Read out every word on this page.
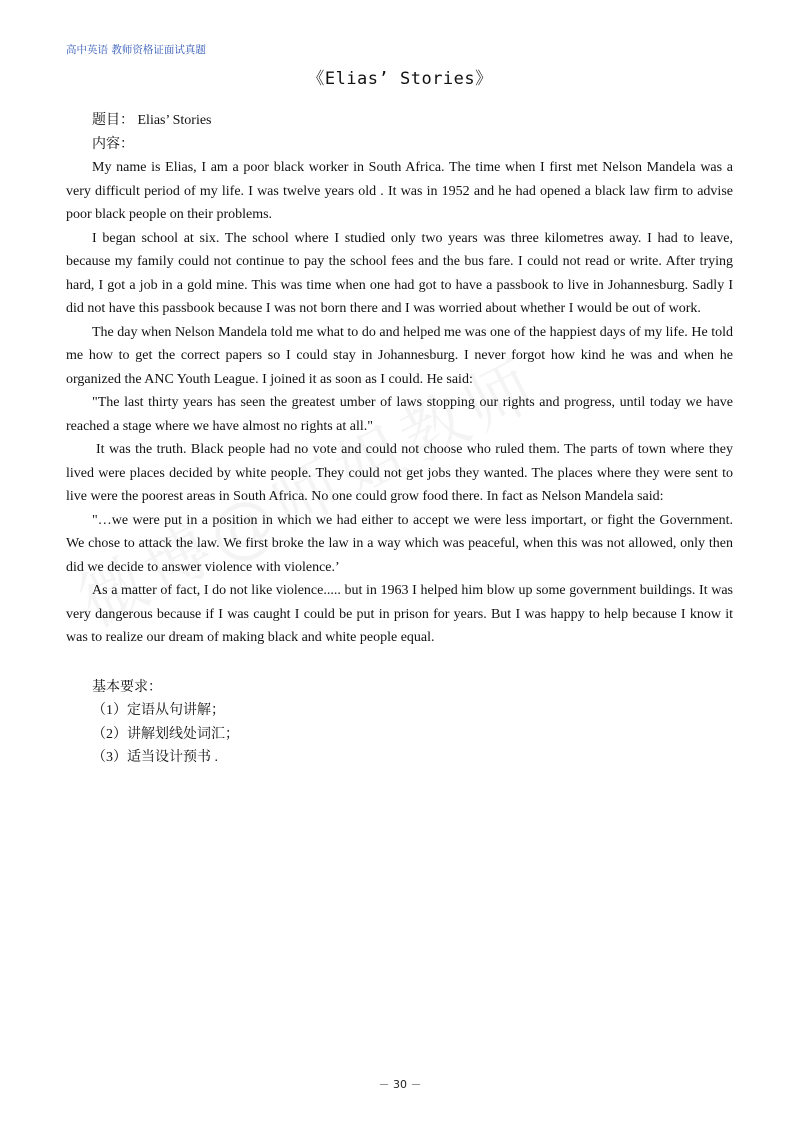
高中英语 教师资格证面试真题
《Elias’ Stories》
题目： Elias’ Stories
内容：

My name is Elias, I am a poor black worker in South Africa. The time when I first met Nelson Mandela was a very difficult period of my life. I was twelve years old . It was in 1952 and he had opened a black law firm to advise poor black people on their problems.

I began school at six. The school where I studied only two years was three kilometres away. I had to leave, because my family could not continue to pay the school fees and the bus fare. I could not read or write. After trying hard, I got a job in a gold mine. This was time when one had got to have a passbook to live in Johannesburg. Sadly I did not have this passbook because I was not born there and I was worried about whether I would be out of work.

The day when Nelson Mandela told me what to do and helped me was one of the happiest days of my life. He told me how to get the correct papers so I could stay in Johannesburg. I never forgot how kind he was and when he organized the ANC Youth League. I joined it as soon as I could. He said:

"The last thirty years has seen the greatest umber of laws stopping our rights and progress, until today we have reached a stage where we have almost no rights at all."

It was the truth. Black people had no vote and could not choose who ruled them. The parts of town where they lived were places decided by white people. They could not get jobs they wanted. The places where they were sent to live were the poorest areas in South Africa. No one could grow food there. In fact as Nelson Mandela said:

"…we were put in a position in which we had either to accept we were less importart, or fight the Government. We chose to attack the law. We first broke the law in a way which was peaceful, when this was not allowed, only then did we decide to answer violence with violence.’

As a matter of fact, I do not like violence..... but in 1963 I helped him blow up some government buildings. It was very dangerous because if I was caught I could be put in prison for years. But I was happy to help because I know it was to realize our dream of making black and white people equal.

基本要求：
（1）定语从句讲解；
（2）讲解划线处词汇；
（3）适当设计预书 .
－ 30 －
